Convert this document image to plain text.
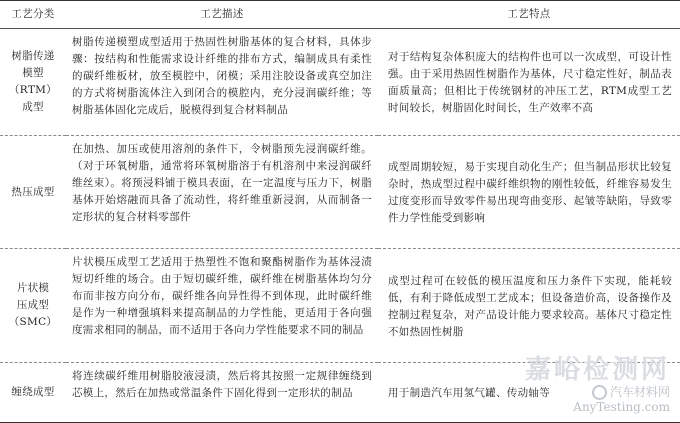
工艺分类	工艺描述	工艺特点
树脂传递
模塑（RTM）
成型	树脂传递模塑成型适用于热固性树脂基体的复合材料，具体步骤：按结构和性能需求设计纤维的排布方式，编制成具有柔性的碳纤维板材，放至模腔中，闭模；采用注胶设备或真空加注的方式将树脂流体注入到闭合的模腔内，充分浸润碳纤维；等树脂基体固化完成后，脱模得到复合材料制品	对于结构复杂体积庞大的结构件也可以一次成型，可设计性强。由于采用热固性树脂作为基体，尺寸稳定性好，制品表面质量高；但相比于传统钢材的冲压工艺，RTM成型工艺时间较长，树脂固化时间长，生产效率不高
热压成型	在加热、加压或使用溶剂的条件下，令树脂预先浸润碳纤维。（对于环氧树脂，通常将环氧树脂溶于有机溶剂中来浸润碳纤维丝束）。将预浸料铺于模具表面，在一定温度与压力下，树脂基体开始熔融而具备了流动性，将纤维重新浸润，从而制备一定形状的复合材料零部件	成型周期较短，易于实现自动化生产；但当制品形状比较复杂时，热成型过程中碳纤维织物的刚性较低，纤维容易发生过度变形而导致零件易出现弯曲变形、起皱等缺陷，导致零件力学性能受到影响
片状模
压成型
（SMC）	片状模压成型工艺适用于热塑性不饱和聚酯树脂作为基体浸渍短切纤维的场合。由于短切碳纤维，碳纤维在树脂基体均匀分布而非按方向分布，碳纤维各向异性得不到体现，此时碳纤维是作为一种增强填料来提高制品的力学性能，更适用于各向强度需求相同的制品，而不适用于各向力学性能要求不同的制品	成型过程可在较低的模压温度和压力条件下实现，能耗较低，有利于降低成型工艺成本；但设备造价高，设备操作及控制过程复杂，对产品设计能力要求较高。基体尺寸稳定性不如热固性树脂
缠绕成型	将连续碳纤维用树脂胶液浸渍，然后将其按照一定规律缠绕到芯模上，然后在加热或常温条件下固化得到一定形状的制品	用于制造汽车用氢气罐、传动轴等
嘉峪检测网
汽车材料网
AnyTesting.com
